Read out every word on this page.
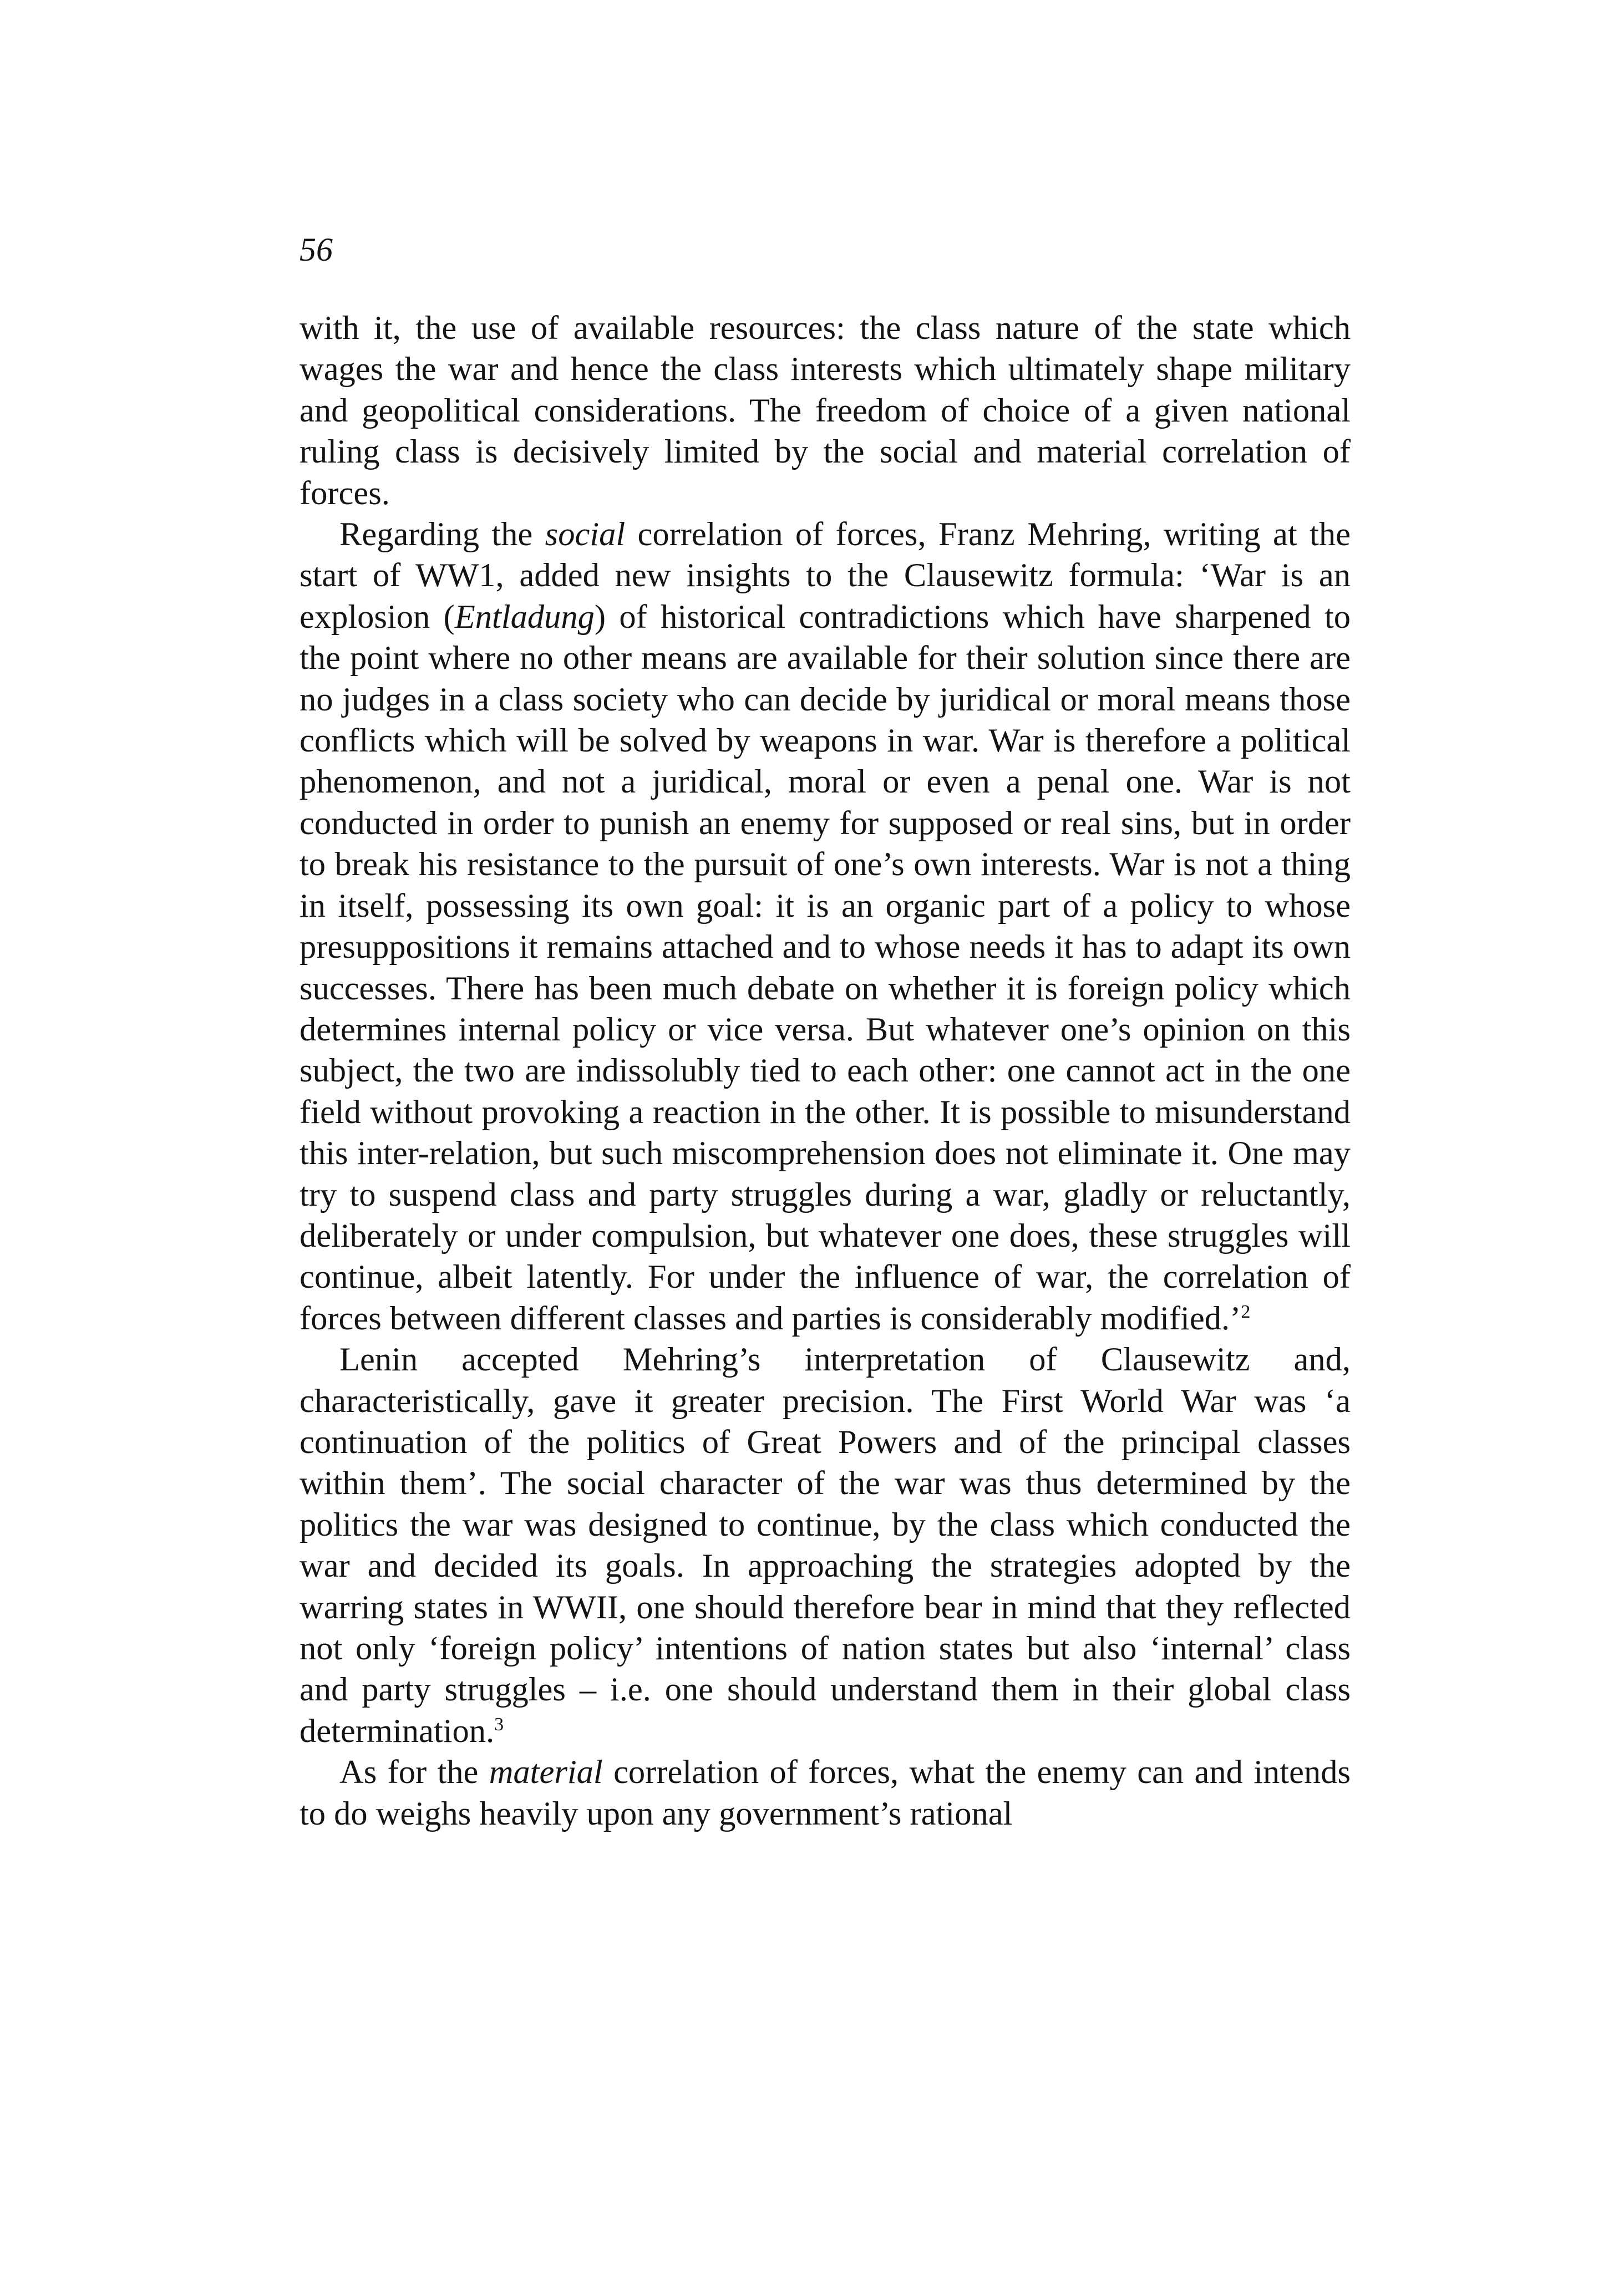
56

with it, the use of available resources: the class nature of the state which wages the war and hence the class interests which ultimately shape military and geopolitical considerations. The freedom of choice of a given national ruling class is decisively limited by the social and material correlation of forces.

Regarding the social correlation of forces, Franz Mehring, writing at the start of WW1, added new insights to the Clausewitz formula: ‘War is an explosion (Entladung) of historical contradictions which have sharpened to the point where no other means are available for their solution since there are no judges in a class society who can decide by juridical or moral means those conflicts which will be solved by weapons in war. War is therefore a political phenomenon, and not a juridical, moral or even a penal one. War is not conducted in order to punish an enemy for supposed or real sins, but in order to break his resistance to the pursuit of one’s own interests. War is not a thing in itself, possessing its own goal: it is an organic part of a policy to whose presuppositions it remains attached and to whose needs it has to adapt its own successes. There has been much debate on whether it is foreign policy which determines internal policy or vice versa. But whatever one’s opinion on this subject, the two are indissolubly tied to each other: one cannot act in the one field without provoking a reaction in the other. It is possible to misunderstand this inter-relation, but such miscomprehension does not eliminate it. One may try to suspend class and party struggles during a war, gladly or reluctantly, deliberately or under compulsion, but whatever one does, these struggles will continue, albeit latently. For under the influence of war, the correlation of forces between different classes and parties is considerably modified.’$^2$

Lenin accepted Mehring’s interpretation of Clausewitz and, characteristically, gave it greater precision. The First World War was ‘a continuation of the politics of Great Powers and of the principal classes within them’. The social character of the war was thus determined by the politics the war was designed to continue, by the class which conducted the war and decided its goals. In approaching the strategies adopted by the warring states in WWII, one should therefore bear in mind that they reflected not only ‘foreign policy’ intentions of nation states but also ‘internal’ class and party struggles – i.e. one should understand them in their global class determination.$^3$

As for the material correlation of forces, what the enemy can and intends to do weighs heavily upon any government’s rational
